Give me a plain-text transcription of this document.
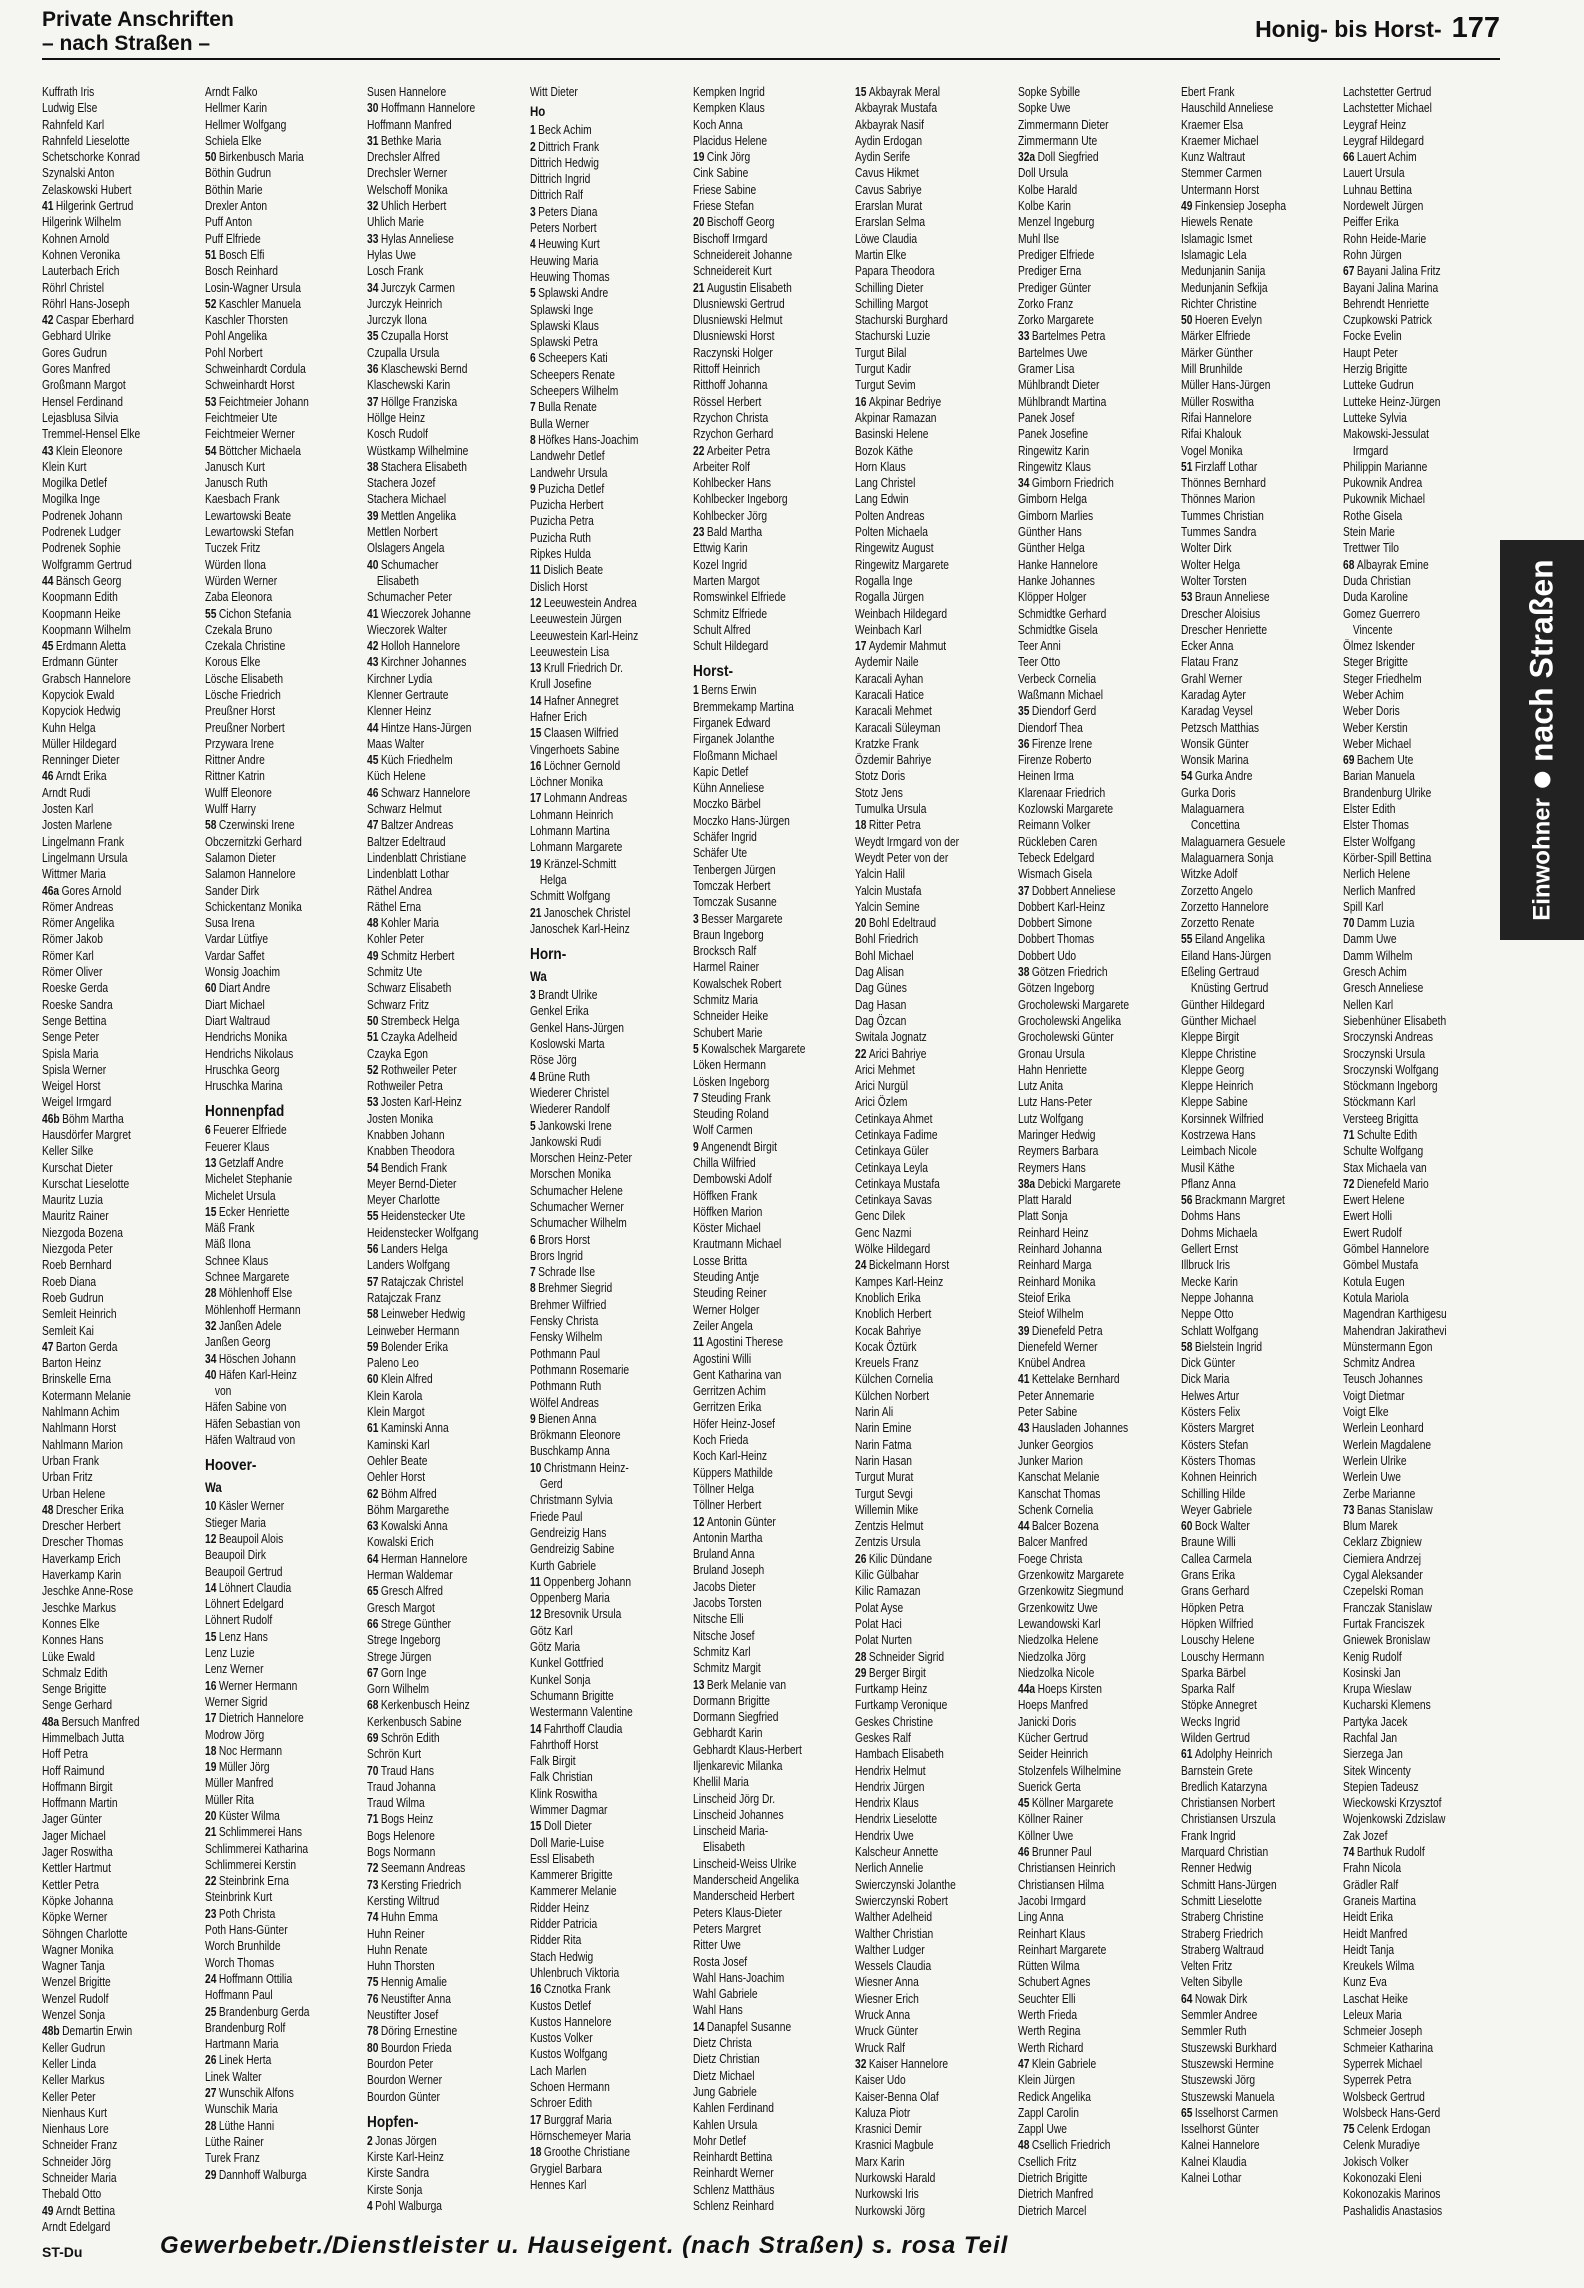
Private Anschriften
– nach Straßen –
Honig- bis Horst- 177
Kuffrath Iris
Ludwig Else
Rahnfeld Karl
Rahnfeld Lieselotte
Schetschorke Konrad
Szynalski Anton
Zelaskowski Hubert
41 Hilgerink Gertrud
Hilgerink Wilhelm
Kohnen Arnold
Kohnen Veronika
Lauterbach Erich
Röhrl Christel
Röhrl Hans-Joseph
42 Caspar Eberhard
Gebhard Ulrike
Gores Gudrun
Gores Manfred
Großmann Margot
Hensel Ferdinand
Lejasblusa Silvia
Tremmel-Hensel Elke
43 Klein Eleonore
Klein Kurt
Mogilka Detlef
Mogilka Inge
Podrenek Johann
Podrenek Ludger
Podrenek Sophie
Wolfgramm Gertrud
44 Bänsch Georg
Koopmann Edith
Koopmann Heike
Koopmann Wilhelm
45 Erdmann Aletta
Erdmann Günter
Grabsch Hannelore
Kopyciok Ewald
Kopyciok Hedwig
Kuhn Helga
Müller Hildegard
Renninger Dieter
46 Arndt Erika
Arndt Rudi
Josten Karl
Josten Marlene
Lingelmann Frank
Lingelmann Ursula
Wittmer Maria
46a Gores Arnold
Römer Andreas
Römer Angelika
Römer Jakob
Römer Karl
Römer Oliver
Roeske Gerda
Roeske Sandra
Senge Bettina
Senge Peter
Spisla Maria
Spisla Werner
Weigel Horst
Weigel Irmgard
46b Böhm Martha
Hausdörfer Margret
Keller Silke
Kurschat Dieter
Kurschat Lieselotte
Mauritz Luzia
Mauritz Rainer
Niezgoda Bozena
Niezgoda Peter
Roeb Bernhard
Roeb Diana
Roeb Gudrun
Semleit Heinrich
Semleit Kai
47 Barton Gerda
Barton Heinz
Brinskelle Erna
Kotermann Melanie
Nahlmann Achim
Nahlmann Horst
Nahlmann Marion
Urban Frank
Urban Fritz
Urban Helene
48 Drescher Erika
Drescher Herbert
Drescher Thomas
Haverkamp Erich
Haverkamp Karin
Jeschke Anne-Rose
Jeschke Markus
Konnes Elke
Konnes Hans
Lüke Ewald
Schmalz Edith
Senge Brigitte
Senge Gerhard
48a Bersuch Manfred
Himmelbach Jutta
Hoff Petra
Hoff Raimund
Hoffmann Birgit
Hoffmann Martin
Jager Günter
Jager Michael
Jager Roswitha
Kettler Hartmut
Kettler Petra
Köpke Johanna
Köpke Werner
Söhngen Charlotte
Wagner Monika
Wagner Tanja
Wenzel Brigitte
Wenzel Rudolf
Wenzel Sonja
48b Demartin Erwin
Keller Gudrun
Keller Linda
Keller Markus
Keller Peter
Nienhaus Kurt
Nienhaus Lore
Schneider Franz
Schneider Jörg
Schneider Maria
Thebald Otto
49 Arndt Bettina
Arndt Edelgard
Arndt Falko
Hellmer Karin
Hellmer Wolfgang
Schiela Elke
50 Birkenbusch Maria
Böthin Gudrun
Böthin Marie
Drexler Anton
Puff Anton
Puff Elfriede
51 Bosch Elfi
Bosch Reinhard
Losin-Wagner Ursula
52 Kaschler Manuela
Kaschler Thorsten
Pohl Angelika
Pohl Norbert
Schweinhardt Cordula
Schweinhardt Horst
53 Feichtmeier Johann
Feichtmeier Ute
Feichtmeier Werner
54 Böttcher Michaela
Janusch Kurt
Janusch Ruth
Kaesbach Frank
Lewartowski Beate
Lewartowski Stefan
Tuczek Fritz
Würden Ilona
Würden Werner
Zaba Eleonora
55 Cichon Stefania
Czekala Bruno
Czekala Christine
Korous Elke
Lösche Elisabeth
Lösche Friedrich
Preußner Horst
Preußner Norbert
Przywara Irene
Rittner Andre
Rittner Katrin
Wulff Eleonore
Wulff Harry
58 Czerwinski Irene
Obczernitzki Gerhard
Salamon Dieter
Salamon Hannelore
Sander Dirk
Schickentanz Monika
Susa Irena
Vardar Lütfiye
Vardar Saffet
Wonsig Joachim
60 Diart Andre
Diart Michael
Diart Waltraud
Hendrichs Monika
Hendrichs Nikolaus
Hruschka Georg
Hruschka Marina
Honnenpfad
6 Feuerer Elfriede
Feuerer Klaus
13 Getzlaff Andre
Michelet Stephanie
Michelet Ursula
15 Ecker Henriette
Mäß Frank
Mäß Ilona
Schnee Klaus
Schnee Margarete
28 Möhlenhoff Else
Möhlenhoff Hermann
32 Janßen Adele
Janßen Georg
34 Höschen Johann
40 Häfen Karl-Heinz
von
Häfen Sabine von
Häfen Sebastian von
Häfen Waltraud von
Hoover-
Wa
10 Käsler Werner
Stieger Maria
12 Beaupoil Alois
Beaupoil Dirk
Beaupoil Gertrud
14 Löhnert Claudia
Löhnert Edelgard
Löhnert Rudolf
15 Lenz Hans
Lenz Luzie
Lenz Werner
16 Werner Hermann
Werner Sigrid
17 Dietrich Hannelore
Modrow Jörg
18 Noc Hermann
19 Müller Jörg
Müller Manfred
Müller Rita
20 Küster Wilma
21 Schlimmerei Hans
Schlimmerei Katharina
Schlimmerei Kerstin
22 Steinbrink Erna
Steinbrink Kurt
23 Poth Christa
Poth Hans-Günter
Worch Brunhilde
Worch Thomas
24 Hoffmann Ottilia
Hoffmann Paul
25 Brandenburg Gerda
Brandenburg Rolf
Hartmann Maria
26 Linek Herta
Linek Walter
27 Wunschik Alfons
Wunschik Maria
28 Lüthe Hanni
Lüthe Rainer
Turek Franz
29 Dannhoff Walburga
Susen Hannelore
30 Hoffmann Hannelore
Hoffmann Manfred
31 Bethke Maria
Drechsler Alfred
Drechsler Werner
Welschoff Monika
32 Uhlich Herbert
Uhlich Marie
33 Hylas Anneliese
Hylas Uwe
Losch Frank
34 Jurczyk Carmen
Jurczyk Heinrich
Jurczyk Ilona
35 Czupalla Horst
Czupalla Ursula
36 Klaschewski Bernd
Klaschewski Karin
37 Höllge Franziska
Höllge Heinz
Kosch Rudolf
Wüstkamp Wilhelmine
38 Stachera Elisabeth
Stachera Jozef
Stachera Michael
39 Mettlen Angelika
Mettlen Norbert
Olslagers Angela
40 Schumacher
Elisabeth
Schumacher Peter
41 Wieczorek Johanne
Wieczorek Walter
42 Holloh Hannelore
43 Kirchner Johannes
Kirchner Lydia
Klenner Gertraute
Klenner Heinz
44 Hintze Hans-Jürgen
Maas Walter
45 Küch Friedhelm
Küch Helene
46 Schwarz Hannelore
Schwarz Helmut
47 Baltzer Andreas
Baltzer Edeltraud
Lindenblatt Christiane
Lindenblatt Lothar
Räthel Andrea
Räthel Erna
48 Kohler Maria
Kohler Peter
49 Schmitz Herbert
Schmitz Ute
Schwarz Elisabeth
Schwarz Fritz
50 Strembeck Helga
51 Czayka Adelheid
Czayka Egon
52 Rothweiler Peter
Rothweiler Petra
53 Josten Karl-Heinz
Josten Monika
Knabben Johann
Knabben Theodora
54 Bendich Frank
Meyer Bernd-Dieter
Meyer Charlotte
55 Heidenstecker Ute
Heidenstecker Wolfgang
56 Landers Helga
Landers Wolfgang
57 Ratajczak Christel
Ratajczak Franz
58 Leinweber Hedwig
Leinweber Hermann
59 Bolender Erika
Paleno Leo
60 Klein Alfred
Klein Karola
Klein Margot
61 Kaminski Anna
Kaminski Karl
Oehler Beate
Oehler Horst
62 Böhm Alfred
Böhm Margarethe
63 Kowalski Anna
Kowalski Erich
64 Herman Hannelore
Herman Waldemar
65 Gresch Alfred
Gresch Margot
66 Strege Günther
Strege Ingeborg
Strege Jürgen
67 Gorn Inge
Gorn Wilhelm
68 Kerkenbusch Heinz
Kerkenbusch Sabine
69 Schrön Edith
Schrön Kurt
70 Traud Hans
Traud Johanna
Traud Wilma
71 Bogs Heinz
Bogs Helenore
Bogs Normann
72 Seemann Andreas
73 Kersting Friedrich
Kersting Wiltrud
74 Huhn Emma
Huhn Reiner
Huhn Renate
Huhn Thorsten
75 Hennig Amalie
76 Neustifter Anna
Neustifter Josef
78 Döring Ernestine
80 Bourdon Frieda
Bourdon Peter
Bourdon Werner
Bourdon Günter
Hopfen-
2 Jonas Jörgen
Kirste Karl-Heinz
Kirste Sandra
Kirste Sonja
4 Pohl Walburga
Witt Dieter
Ho
1 Beck Achim
2 Dittrich Frank
Dittrich Hedwig
Dittrich Ingrid
Dittrich Ralf
3 Peters Diana
Peters Norbert
4 Heuwing Kurt
Heuwing Maria
Heuwing Thomas
5 Splawski Andre
Splawski Inge
Splawski Klaus
Splawski Petra
6 Scheepers Kati
Scheepers Renate
Scheepers Wilhelm
7 Bulla Renate
Bulla Werner
8 Höfkes Hans-Joachim
Landwehr Detlef
Landwehr Ursula
9 Puzicha Detlef
Puzicha Herbert
Puzicha Petra
Puzicha Ruth
Ripkes Hulda
11 Dislich Beate
Dislich Horst
12 Leeuwestein Andrea
Leeuwestein Jürgen
Leeuwestein Karl-Heinz
Leeuwestein Lisa
13 Krull Friedrich Dr.
Krull Josefine
14 Hafner Annegret
Hafner Erich
15 Claasen Wilfried
Vingerhoets Sabine
16 Löchner Gernold
Löchner Monika
17 Lohmann Andreas
Lohmann Heinrich
Lohmann Martina
Lohmann Margarete
19 Kränzel-Schmitt
Helga
Schmitt Wolfgang
21 Janoschek Christel
Janoschek Karl-Heinz
Horn-
Wa
3 Brandt Ulrike
Genkel Erika
Genkel Hans-Jürgen
Koslowski Marta
Röse Jörg
4 Brüne Ruth
Wiederer Christel
Wiederer Randolf
5 Jankowski Irene
Jankowski Rudi
Morschen Heinz-Peter
Morschen Monika
Schumacher Helene
Schumacher Werner
Schumacher Wilhelm
6 Brors Horst
Brors Ingrid
7 Schrade Ilse
8 Brehmer Siegrid
Brehmer Wilfried
Fensky Christa
Fensky Wilhelm
Pothmann Paul
Pothmann Rosemarie
Pothmann Ruth
Wölfel Andreas
9 Bienen Anna
Brökmann Eleonore
Buschkamp Anna
10 Christmann Heinz-
Gerd
Christmann Sylvia
Friede Paul
Gendreizig Hans
Gendreizig Sabine
Kurth Gabriele
11 Oppenberg Johann
Oppenberg Maria
12 Bresovnik Ursula
Götz Karl
Götz Maria
Kunkel Gottfried
Kunkel Sonja
Schumann Brigitte
Westermann Valentine
14 Fahrthoff Claudia
Fahrthoff Horst
Falk Birgit
Falk Christian
Klink Roswitha
Wimmer Dagmar
15 Doll Dieter
Doll Marie-Luise
Essl Elisabeth
Kammerer Brigitte
Kammerer Melanie
Ridder Heinz
Ridder Patricia
Ridder Rita
Stach Hedwig
Uhlenbruch Viktoria
16 Cznotka Frank
Kustos Detlef
Kustos Hannelore
Kustos Volker
Kustos Wolfgang
Lach Marlen
Schoen Hermann
Schroer Edith
17 Burggraf Maria
Hörnschemeyer Maria
18 Groothe Christiane
Grygiel Barbara
Hennes Karl
Kempken Ingrid
Kempken Klaus
Koch Anna
Placidus Helene
19 Cink Jörg
Cink Sabine
Friese Sabine
Friese Stefan
20 Bischoff Georg
Bischoff Irmgard
Schneidereit Johanne
Schneidereit Kurt
21 Augustin Elisabeth
Dlusniewski Gertrud
Dlusniewski Helmut
Dlusniewski Horst
Raczynski Holger
Rittoff Heinrich
Ritthoff Johanna
Rössel Herbert
Rzychon Christa
Rzychon Gerhard
22 Arbeiter Petra
Arbeiter Rolf
Kohlbecker Hans
Kohlbecker Ingeborg
Kohlbecker Jörg
23 Bald Martha
Ettwig Karin
Kozel Ingrid
Marten Margot
Romswinkel Elfriede
Schmitz Elfriede
Schult Alfred
Schult Hildegard
Horst-
1 Berns Erwin
Bremmekamp Martina
Firganek Edward
Firganek Jolanthe
Floßmann Michael
Kapic Detlef
Kühn Anneliese
Moczko Bärbel
Moczko Hans-Jürgen
Schäfer Ingrid
Schäfer Ute
Tenbergen Jürgen
Tomczak Herbert
Tomczak Susanne
3 Besser Margarete
Braun Ingeborg
Brocksch Ralf
Harmel Rainer
Kowalschek Robert
Schmitz Maria
Schneider Heike
Schubert Marie
5 Kowalschek Margarete
Löken Hermann
Lösken Ingeborg
7 Steuding Frank
Steuding Roland
Wolf Carmen
9 Angenendt Birgit
Chilla Wilfried
Dembowski Adolf
Höffken Frank
Höffken Marion
Köster Michael
Krautmann Michael
Losse Britta
Steuding Antje
Steuding Reiner
Werner Holger
Zeiler Angela
11 Agostini Therese
Agostini Willi
Gent Katharina van
Gerritzen Achim
Gerritzen Erika
Höfer Heinz-Josef
Koch Frieda
Koch Karl-Heinz
Küppers Mathilde
Töllner Helga
Töllner Herbert
12 Antonin Günter
Antonin Martha
Bruland Anna
Bruland Joseph
Jacobs Dieter
Jacobs Torsten
Nitsche Elli
Nitsche Josef
Schmitz Karl
Schmitz Margit
13 Berk Melanie van
Dormann Brigitte
Dormann Siegfried
Gebhardt Karin
Gebhardt Klaus-Herbert
Iljenkarevic Milanka
Khellil Maria
Linscheid Jörg Dr.
Linscheid Johannes
Linscheid Maria-
Elisabeth
Linscheid-Weiss Ulrike
Manderscheid Angelika
Manderscheid Herbert
Peters Klaus-Dieter
Peters Margret
Ritter Uwe
Rosta Josef
Wahl Hans-Joachim
Wahl Gabriele
Wahl Hans
14 Danapfel Susanne
Dietz Christa
Dietz Christian
Dietz Michael
Jung Gabriele
Kahlen Ferdinand
Kahlen Ursula
Mohr Detlef
Reinhardt Bettina
Reinhardt Werner
Schlenz Matthäus
Schlenz Reinhard
15 Akbayrak Meral
Akbayrak Mustafa
Akbayrak Nasif
Aydin Erdogan
Aydin Serife
Cavus Hikmet
Cavus Sabriye
Erarslan Murat
Erarslan Selma
Löwe Claudia
Martin Elke
Papara Theodora
Schilling Dieter
Schilling Margot
Stachurski Burghard
Stachurski Luzie
Turgut Bilal
Turgut Kadir
Turgut Sevim
16 Akpinar Bedriye
Akpinar Ramazan
Basinski Helene
Bozok Käthe
Horn Klaus
Lang Christel
Lang Edwin
Polten Andreas
Polten Michaela
Ringewitz August
Ringewitz Margarete
Rogalla Inge
Rogalla Jürgen
Weinbach Hildegard
Weinbach Karl
17 Aydemir Mahmut
Aydemir Naile
Karacali Ayhan
Karacali Hatice
Karacali Mehmet
Karacali Süleyman
Kratzke Frank
Özdemir Bahriye
Stotz Doris
Stotz Jens
Tumulka Ursula
18 Ritter Petra
Weydt Irmgard von der
Weydt Peter von der
Yalcin Halil
Yalcin Mustafa
Yalcin Semine
20 Bohl Edeltraud
Bohl Friedrich
Bohl Michael
Dag Alisan
Dag Günes
Dag Hasan
Dag Özcan
Switala Jognatz
22 Arici Bahriye
Arici Mehmet
Arici Nurgül
Arici Özlem
Cetinkaya Ahmet
Cetinkaya Fadime
Cetinkaya Güler
Cetinkaya Leyla
Cetinkaya Mustafa
Cetinkaya Savas
Genc Dilek
Genc Nazmi
Wölke Hildegard
24 Bickelmann Horst
Kampes Karl-Heinz
Knoblich Erika
Knoblich Herbert
Kocak Bahriye
Kocak Öztürk
Kreuels Franz
Külchen Cornelia
Külchen Norbert
Narin Ali
Narin Emine
Narin Fatma
Narin Hasan
Turgut Murat
Turgut Sevgi
Willemin Mike
Zentzis Helmut
Zentzis Ursula
26 Kilic Dündane
Kilic Gülbahar
Kilic Ramazan
Polat Ayse
Polat Haci
Polat Nurten
28 Schneider Sigrid
29 Berger Birgit
Furtkamp Heinz
Furtkamp Veronique
Geskes Christine
Geskes Ralf
Hambach Elisabeth
Hendrix Helmut
Hendrix Jürgen
Hendrix Klaus
Hendrix Lieselotte
Hendrix Uwe
Kalscheur Annette
Nerlich Annelie
Swierczynski Jolanthe
Swierczynski Robert
Walther Adelheid
Walther Christian
Walther Ludger
Wessels Claudia
Wiesner Anna
Wiesner Erich
Wruck Anna
Wruck Günter
Wruck Ralf
32 Kaiser Hannelore
Kaiser Udo
Kaiser-Benna Olaf
Kaluza Piotr
Krasnici Demir
Krasnici Magbule
Marx Karin
Nurkowski Harald
Nurkowski Iris
Nurkowski Jörg
Sopke Sybille
Sopke Uwe
Zimmermann Dieter
Zimmermann Ute
32a Doll Siegfried
Doll Ursula
Kolbe Harald
Kolbe Karin
Menzel Ingeburg
Muhl Ilse
Prediger Elfriede
Prediger Erna
Prediger Günter
Zorko Franz
Zorko Margarete
33 Bartelmes Petra
Bartelmes Uwe
Gramer Lisa
Mühlbrandt Dieter
Mühlbrandt Martina
Panek Josef
Panek Josefine
Ringewitz Karin
Ringewitz Klaus
34 Gimborn Friedrich
Gimborn Helga
Gimborn Marlies
Günther Hans
Günther Helga
Hanke Hannelore
Hanke Johannes
Klöpper Holger
Schmidtke Gerhard
Schmidtke Gisela
Teer Anni
Teer Otto
Verbeck Cornelia
Waßmann Michael
35 Diendorf Gerd
Diendorf Thea
36 Firenze Irene
Firenze Roberto
Heinen Irma
Klarenaar Friedrich
Kozlowski Margarete
Reimann Volker
Rückleben Caren
Tebeck Edelgard
Wismach Gisela
37 Dobbert Anneliese
Dobbert Karl-Heinz
Dobbert Simone
Dobbert Thomas
Dobbert Udo
38 Götzen Friedrich
Götzen Ingeborg
Grocholewski Margarete
Grocholewski Angelika
Grocholewski Günter
Gronau Ursula
Hahn Henriette
Lutz Anita
Lutz Hans-Peter
Lutz Wolfgang
Maringer Hedwig
Reymers Barbara
Reymers Hans
38a Debicki Margarete
Platt Harald
Platt Sonja
Reinhard Heinz
Reinhard Johanna
Reinhard Marga
Reinhard Monika
Steiof Erika
Steiof Wilhelm
39 Dienefeld Petra
Dienefeld Werner
Knübel Andrea
41 Kettelake Bernhard
Peter Annemarie
Peter Sabine
43 Hausladen Johannes
Junker Georgios
Junker Marion
Kanschat Melanie
Kanschat Thomas
Schenk Cornelia
44 Balcer Bozena
Balcer Manfred
Foege Christa
Grzenkowitz Margarete
Grzenkowitz Siegmund
Grzenkowitz Uwe
Lewandowski Karl
Niedzolka Helene
Niedzolka Jörg
Niedzolka Nicole
44a Hoeps Kirsten
Hoeps Manfred
Janicki Doris
Kücher Gertrud
Seider Heinrich
Stolzenfels Wilhelmine
Suerick Gerta
45 Köllner Margarete
Köllner Rainer
Köllner Uwe
46 Brunner Paul
Christiansen Heinrich
Christiansen Hilma
Jacobi Irmgard
Ling Anna
Reinhart Klaus
Reinhart Margarete
Rütten Wilma
Schubert Agnes
Seuchter Elli
Werth Frieda
Werth Regina
Werth Richard
47 Klein Gabriele
Klein Jürgen
Redick Angelika
Zappl Carolin
Zappl Uwe
48 Csellich Friedrich
Csellich Fritz
Dietrich Brigitte
Dietrich Manfred
Dietrich Marcel
Ebert Frank
Hauschild Anneliese
Kraemer Elsa
Kraemer Michael
Kunz Waltraut
Stemmer Carmen
Untermann Horst
49 Finkensiep Josepha
Hiewels Renate
Islamagic Ismet
Islamagic Lela
Medunjanin Sanija
Medunjanin Sefkija
Richter Christine
50 Hoeren Evelyn
Märker Elfriede
Märker Günther
Mill Brunhilde
Müller Hans-Jürgen
Müller Roswitha
Rifai Hannelore
Rifai Khalouk
Vogel Monika
51 Firzlaff Lothar
Thönnes Bernhard
Thönnes Marion
Tummes Christian
Tummes Sandra
Wolter Dirk
Wolter Helga
Wolter Torsten
53 Braun Anneliese
Drescher Aloisius
Drescher Henriette
Ecker Anna
Flatau Franz
Grahl Werner
Karadag Ayter
Karadag Veysel
Petzsch Matthias
Wonsik Günter
Wonsik Marina
54 Gurka Andre
Gurka Doris
Malaguarnera
Concettina
Malaguarnera Gesuele
Malaguarnera Sonja
Witzke Adolf
Zorzetto Angelo
Zorzetto Hannelore
Zorzetto Renate
55 Eiland Angelika
Eiland Hans-Jürgen
Eßeling Gertraud
Knüsting Gertrud
Günther Hildegard
Günther Michael
Kleppe Birgit
Kleppe Christine
Kleppe Georg
Kleppe Heinrich
Kleppe Sabine
Korsinnek Wilfried
Kostrzewa Hans
Leimbach Nicole
Musil Käthe
Pflanz Anna
56 Brackmann Margret
Dohms Hans
Dohms Michaela
Gellert Ernst
Illbruck Iris
Mecke Karin
Neppe Johanna
Neppe Otto
Schlatt Wolfgang
58 Bielstein Ingrid
Dick Günter
Dick Maria
Helwes Artur
Kösters Felix
Kösters Margret
Kösters Stefan
Kösters Thomas
Kohnen Heinrich
Schilling Hilde
Weyer Gabriele
60 Bock Walter
Braune Willi
Callea Carmela
Grans Erika
Grans Gerhard
Höpken Petra
Höpken Wilfried
Louschy Helene
Louschy Hermann
Sparka Bärbel
Sparka Ralf
Stöpke Annegret
Wecks Ingrid
Wilden Gertrud
61 Adolphy Heinrich
Barnstein Grete
Bredlich Katarzyna
Christiansen Norbert
Christiansen Urszula
Frank Ingrid
Marquard Christian
Renner Hedwig
Schmitt Hans-Jürgen
Schmitt Lieselotte
Straberg Christine
Straberg Friedrich
Straberg Waltraud
Velten Fritz
Velten Sibylle
64 Nowak Dirk
Semmler Andree
Semmler Ruth
Stuszewski Burkhard
Stuszewski Hermine
Stuszewski Jörg
Stuszewski Manuela
65 Isselhorst Carmen
Isselhorst Günter
Kalnei Hannelore
Kalnei Klaudia
Kalnei Lothar
Lachstetter Gertrud
Lachstetter Michael
Leygraf Heinz
Leygraf Hildegard
66 Lauert Achim
Lauert Ursula
Luhnau Bettina
Nordewelt Jürgen
Peiffer Erika
Rohn Heide-Marie
Rohn Jürgen
67 Bayani Jalina Fritz
Bayani Jalina Marina
Behrendt Henriette
Czupkowski Patrick
Focke Evelin
Haupt Peter
Herzig Brigitte
Lutteke Gudrun
Lutteke Heinz-Jürgen
Lutteke Sylvia
Makowski-Jessulat
Irmgard
Philippin Marianne
Pukownik Andrea
Pukownik Michael
Rothe Gisela
Stein Marie
Trettwer Tilo
68 Albayrak Emine
Duda Christian
Duda Karoline
Gomez Guerrero
Vincente
Ölmez Iskender
Steger Brigitte
Steger Friedhelm
Weber Achim
Weber Doris
Weber Kerstin
Weber Michael
69 Bachem Ute
Barian Manuela
Brandenburg Ulrike
Elster Edith
Elster Thomas
Elster Wolfgang
Körber-Spill Bettina
Nerlich Helene
Nerlich Manfred
Spill Karl
70 Damm Luzia
Damm Uwe
Damm Wilhelm
Gresch Achim
Gresch Anneliese
Nellen Karl
Siebenhüner Elisabeth
Sroczynski Andreas
Sroczynski Ursula
Sroczynski Wolfgang
Stöckmann Ingeborg
Stöckmann Karl
Versteeg Brigitta
71 Schulte Edith
Schulte Wolfgang
Stax Michaela van
72 Dienefeld Mario
Ewert Helene
Ewert Holli
Ewert Rudolf
Gömbel Hannelore
Gömbel Mustafa
Kotula Eugen
Kotula Mariola
Magendran Karthigesu
Mahendran Jakirathevi
Münstermann Egon
Schmitz Andrea
Teusch Johannes
Voigt Dietmar
Voigt Elke
Werlein Leonhard
Werlein Magdalene
Werlein Ulrike
Werlein Uwe
Zerbe Marianne
73 Banas Stanislaw
Blum Marek
Ceklarz Zbigniew
Ciemiera Andrzej
Cygal Aleksander
Czepelski Roman
Franczak Stanislaw
Furtak Franciszek
Gniewek Bronislaw
Kenig Rudolf
Kosinski Jan
Krupa Wieslaw
Kucharski Klemens
Partyka Jacek
Rachfal Jan
Sierzega Jan
Sitek Wincenty
Stepien Tadeusz
Wieckowski Krzysztof
Wojenkowski Zdzislaw
Zak Jozef
74 Barthuk Rudolf
Frahn Nicola
Grädler Ralf
Graneis Martina
Heidt Erika
Heidt Manfred
Heidt Tanja
Kreukels Wilma
Kunz Eva
Laschat Heike
Leleux Maria
Schmeier Joseph
Schmeier Katharina
Syperrek Michael
Syperrek Petra
Wolsbeck Gertrud
Wolsbeck Hans-Gerd
75 Celenk Erdogan
Celenk Muradiye
Jokisch Volker
Kokonozaki Eleni
Kokonozakis Marinos
Pashalidis Anastasios
Einwohner
nach Straßen
ST-Du	Gewerbebetr./Dienstleister u. Hauseigent. (nach Straßen) s. rosa Teil
